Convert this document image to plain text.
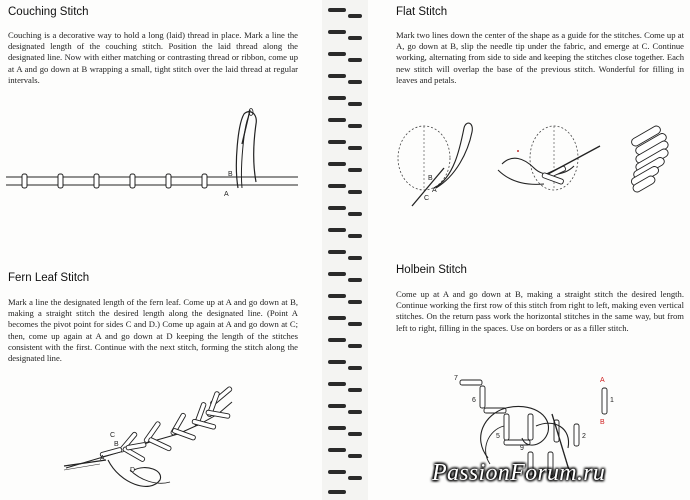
Couching Stitch

Couching is a decorative way to hold a long (laid) thread in place. Mark a line the designated length of the couching stitch. Position the laid thread along the designated line. Now with either matching or contrasting thread or ribbon, come up at A and go down at B wrapping a small, tight stitch over the laid thread at regular intervals.

B
A
Fern Leaf Stitch

Mark a line the designated length of the fern leaf. Come up at A and go down at B, making a straight stitch the desired length along the designated line. (Point A becomes the pivot point for sides C and D.) Come up again at A and go down at C; then, come up again at A and go down at D keeping the length of the stitches consistent with the first. Continue with the next stitch, forming the stitch along the designated line.

C
B
A
D
Flat Stitch

Mark two lines down the center of the shape as a guide for the stitches. Come up at A, go down at B, slip the needle tip under the fabric, and emerge at C. Continue working, alternating from side to side and keeping the stitches close together. Each new stitch will overlap the base of the previous stitch. Wonderful for filling in leaves and petals.

B
A
C
Holbein Stitch

Come up at A and go down at B, making a straight stitch the desired length. Continue working the first row of this stitch from right to left, making even vertical stitches. On the return pass work the horizontal stitches in the same way, but from left to right, filling in the spaces. Use on borders or as a filler stitch.

7
6
5
9
2
1
A
B
PassionForum.ru
